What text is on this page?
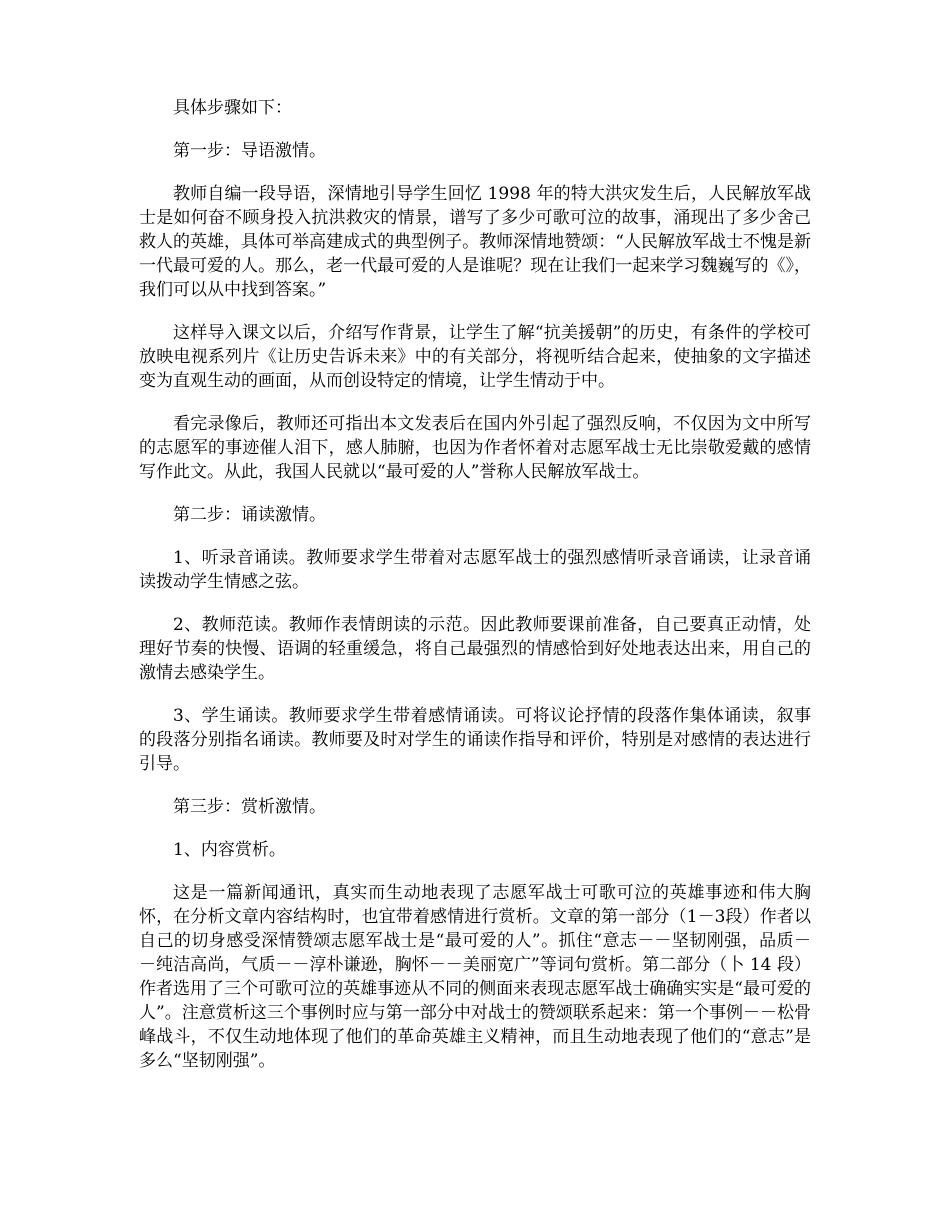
具体步骤如下：

第一步：导语激情。

教师自编一段导语，深情地引导学生回忆 1998 年的特大洪灾发生后，人民解放军战士是如何奋不顾身投入抗洪救灾的情景，谱写了多少可歌可泣的故事，涌现出了多少舍己救人的英雄，具体可举高建成式的典型例子。教师深情地赞颂：“人民解放军战士不愧是新一代最可爱的人。那么，老一代最可爱的人是谁呢？现在让我们一起来学习魏巍写的《》，我们可以从中找到答案。”

这样导入课文以后，介绍写作背景，让学生了解“抗美援朝”的历史，有条件的学校可放映电视系列片《让历史告诉未来》中的有关部分，将视听结合起来，使抽象的文字描述变为直观生动的画面，从而创设特定的情境，让学生情动于中。

看完录像后，教师还可指出本文发表后在国内外引起了强烈反响，不仅因为文中所写的志愿军的事迹催人泪下，感人肺腑，也因为作者怀着对志愿军战士无比崇敬爱戴的感情写作此文。从此，我国人民就以“最可爱的人”誉称人民解放军战士。

第二步：诵读激情。

1、听录音诵读。教师要求学生带着对志愿军战士的强烈感情听录音诵读，让录音诵读拨动学生情感之弦。

2、教师范读。教师作表情朗读的示范。因此教师要课前准备，自己要真正动情，处理好节奏的快慢、语调的轻重缓急，将自己最强烈的情感恰到好处地表达出来，用自己的激情去感染学生。

3、学生诵读。教师要求学生带着感情诵读。可将议论抒情的段落作集体诵读，叙事的段落分别指名诵读。教师要及时对学生的诵读作指导和评价，特别是对感情的表达进行引导。

第三步：赏析激情。

1、内容赏析。

这是一篇新闻通讯，真实而生动地表现了志愿军战士可歌可泣的英雄事迹和伟大胸怀，在分析文章内容结构时，也宜带着感情进行赏析。文章的第一部分（1－3段）作者以自己的切身感受深情赞颂志愿军战士是“最可爱的人”。抓住“意志－－坚韧刚强，品质－－纯洁高尚，气质－－淳朴谦逊，胸怀－－美丽宽广”等词句赏析。第二部分（卜 14 段）作者选用了三个可歌可泣的英雄事迹从不同的侧面来表现志愿军战士确确实实是“最可爱的人”。注意赏析这三个事例时应与第一部分中对战士的赞颂联系起来：第一个事例－－松骨峰战斗，不仅生动地体现了他们的革命英雄主义精神，而且生动地表现了他们的“意志”是多么“坚韧刚强”。
